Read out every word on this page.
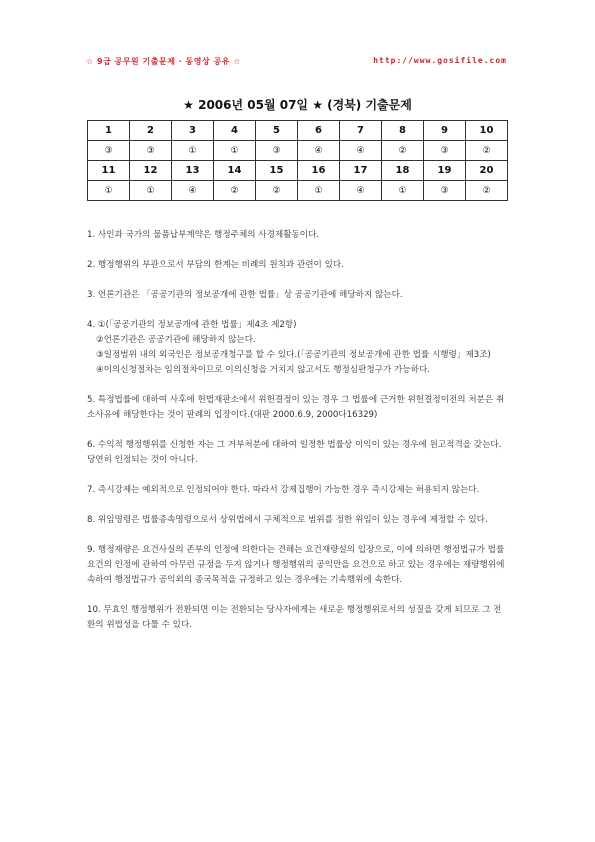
☆ 9급 공무원 기출문제 · 동영상 공유 ☆	http://www.gosifile.com
★ 2006년 05월 07일 ★ (경북) 기출문제
1	2	3	4	5	6	7	8	9	10
③	③	①	①	③	④	④	②	③	②
11	12	13	14	15	16	17	18	19	20
①	①	④	②	②	①	④	①	③	②
1. 사인과 국가의 물품납부계약은 행정주체의 사경제활동이다.
2. 행정행위의 부관으로서 부담의 한계는 비례의 원칙과 관련이 있다.
3. 언론기관은 「공공기관의 정보공개에 관한 법률」상 공공기관에 해당하지 않는다.
4. ①(「공공기관의 정보공개에 관한 법률」제4조 제2항)
②언론기관은 공공기관에 해당하지 않는다.
③일정범위 내의 외국인은 정보공개청구를 할 수 있다.(「공공기관의 정보공개에 관한 법률 시행령」제3조)
④이의신청절차는 임의절차이므로 이의신청을 거치지 않고서도 행정심판청구가 가능하다.
5. 특정법률에 대하여 사후에 헌법재판소에서 위헌결정이 있는 경우 그 법률에 근거한 위헌결정이전의 처분은 취소사유에 해당한다는 것이 판례의 입장이다.(대판 2000.6.9, 2000다16329)
6. 수익적 행정행위를 신청한 자는 그 거부처분에 대하여 일정한 법률상 이익이 있는 경우에 원고적격을 갖는다. 당연히 인정되는 것이 아니다.
7. 즉시강제는 예외적으로 인정되어야 한다. 따라서 강제집행이 가능한 경우 즉시강제는 허용되지 않는다.
8. 위임명령은 법률종속명령으로서 상위법에서 구체적으로 범위를 정한 위임이 있는 경우에 제정할 수 있다.
9. 행정재량은 요건사실의 존부의 인정에 의한다는 견해는 요건재량설의 입장으로, 이에 의하면 행정법규가 법률요건의 인정에 관하여 아무런 규정을 두지 않거나 행정행위의 공익만을 요건으로 하고 있는 경우에는 재량행위에 속하여 행정법규가 공익외의 종국목적을 규정하고 있는 경우에는 기속행위에 속한다.
10. 무효인 행정행위가 전환되면 이는 전환되는 당사자에게는 새로운 행정행위로서의 성질을 갖게 되므로 그 전환의 위법성을 다툴 수 있다.
